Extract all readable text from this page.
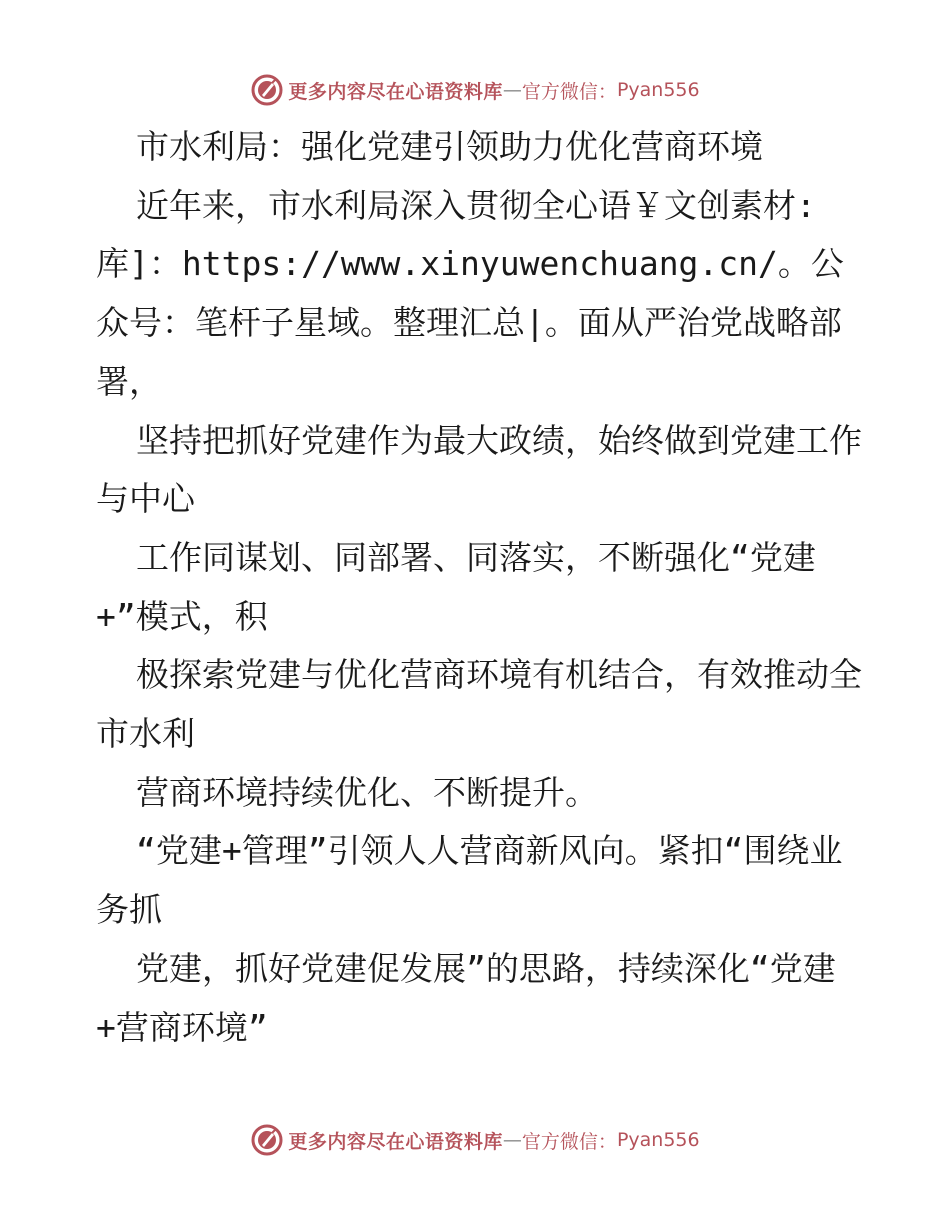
更多内容尽在心语资料库 — 官方微信： Pyan556

市水利局：强化党建引领助力优化营商环境

近年来，市水利局深入贯彻全心语￥文创素材:库]：https://www.xinyuwenchuang.cn/。公众号：笔杆子星域。整理汇总|。面从严治党战略部署，

坚持把抓好党建作为最大政绩，始终做到党建工作与中心

工作同谋划、同部署、同落实，不断强化“党建+”模式，积

极探索党建与优化营商环境有机结合，有效推动全市水利

营商环境持续优化、不断提升。

“党建+管理”引领人人营商新风向。紧扣“围绕业务抓

党建，抓好党建促发展”的思路，持续深化“党建+营商环境”

更多内容尽在心语资料库 — 官方微信： Pyan556
